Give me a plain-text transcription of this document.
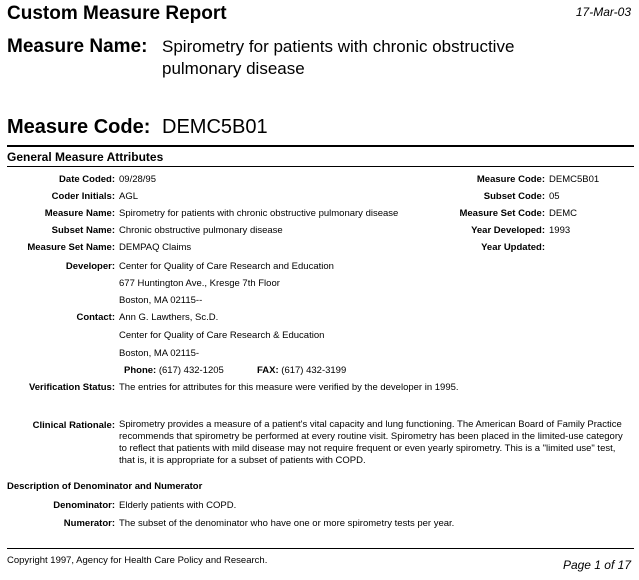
Custom Measure Report	17-Mar-03
Measure Name: Spirometry for patients with chronic obstructive
pulmonary disease
Measure Code: DEMC5B01
General Measure Attributes
Date Coded: 09/28/95
Coder Initials: AGL
Measure Name: Spirometry for patients with chronic obstructive pulmonary disease
Subset Name: Chronic obstructive pulmonary disease
Measure Set Name: DEMPAQ Claims
Measure Code: DEMC5B01
Subset Code: 05
Measure Set Code: DEMC
Year Developed: 1993
Year Updated:
Developer: Center for Quality of Care Research and Education
677 Huntington Ave., Kresge 7th Floor
Boston, MA 02115--
Contact: Ann G. Lawthers, Sc.D.
Center for Quality of Care Research & Education
Boston, MA 02115-
Phone: (617) 432-1205	FAX: (617) 432-3199
Verification Status: The entries for attributes for this measure were verified by the developer in 1995.
Clinical Rationale: Spirometry provides a measure of a patient's vital capacity and lung functioning. The American Board of Family Practice recommends that spirometry be performed at every routine visit. Spirometry has been placed in the limited-use category to reflect that patients with mild disease may not require frequent or even yearly spirometry. This is a "limited use" test, that is, it is appropriate for a subset of patients with COPD.
Description of Denominator and Numerator
Denominator: Elderly patients with COPD.
Numerator: The subset of the denominator who have one or more spirometry tests per year.
Copyright 1997, Agency for Health Care Policy and Research.	Page 1 of 17
